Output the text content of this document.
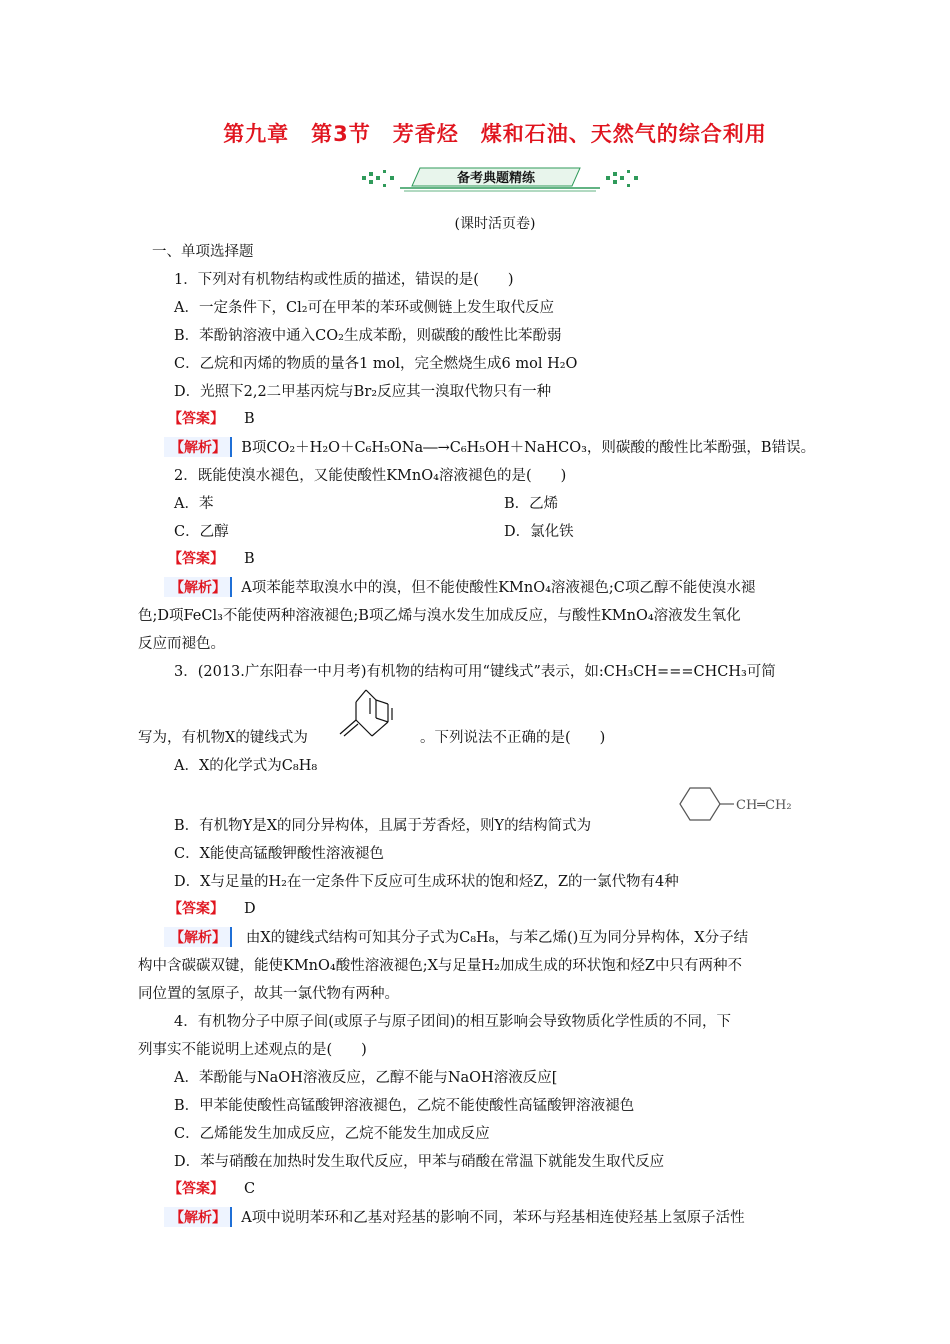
第九章　第3节　芳香烃　煤和石油、天然气的综合利用
备考典题精练
(课时活页卷)
一、单项选择题
1．下列对有机物结构或性质的描述，错误的是(　　)
A．一定条件下，Cl₂可在甲苯的苯环或侧链上发生取代反应
B．苯酚钠溶液中通入CO₂生成苯酚，则碳酸的酸性比苯酚弱
C．乙烷和丙烯的物质的量各1 mol，完全燃烧生成6 mol H₂O
D．光照下2,2二甲基丙烷与Br₂反应其一溴取代物只有一种
【答案】 B
【解析】 B项CO₂＋H₂O＋C₆H₅ONa―→C₆H₅OH＋NaHCO₃，则碳酸的酸性比苯酚强，B错误。
2．既能使溴水褪色，又能使酸性KMnO₄溶液褪色的是(　　)
A．苯	B．乙烯
C．乙醇	D．氯化铁
【答案】 B
【解析】 A项苯能萃取溴水中的溴，但不能使酸性KMnO₄溶液褪色;C项乙醇不能使溴水褪
色;D项FeCl₃不能使两种溶液褪色;B项乙烯与溴水发生加成反应，与酸性KMnO₄溶液发生氧化
反应而褪色。
3．(2013.广东阳春一中月考)有机物的结构可用“键线式”表示，如:CH₃CH===CHCH₃可简
写为，有机物X的键线式为	。下列说法不正确的是(　　)
A．X的化学式为C₈H₈
B．有机物Y是X的同分异构体，且属于芳香烃，则Y的结构简式为
CH═CH₂
C．X能使高锰酸钾酸性溶液褪色
D．X与足量的H₂在一定条件下反应可生成环状的饱和烃Z，Z的一氯代物有4种
【答案】 D
【解析】 由X的键线式结构可知其分子式为C₈H₈，与苯乙烯()互为同分异构体，X分子结
构中含碳碳双键，能使KMnO₄酸性溶液褪色;X与足量H₂加成生成的环状饱和烃Z中只有两种不
同位置的氢原子，故其一氯代物有两种。
4．有机物分子中原子间(或原子与原子团间)的相互影响会导致物质化学性质的不同，下
列事实不能说明上述观点的是(　　)
A．苯酚能与NaOH溶液反应，乙醇不能与NaOH溶液反应[
B．甲苯能使酸性高锰酸钾溶液褪色，乙烷不能使酸性高锰酸钾溶液褪色
C．乙烯能发生加成反应，乙烷不能发生加成反应
D．苯与硝酸在加热时发生取代反应，甲苯与硝酸在常温下就能发生取代反应
【答案】 C
【解析】 A项中说明苯环和乙基对羟基的影响不同，苯环与羟基相连使羟基上氢原子活性
